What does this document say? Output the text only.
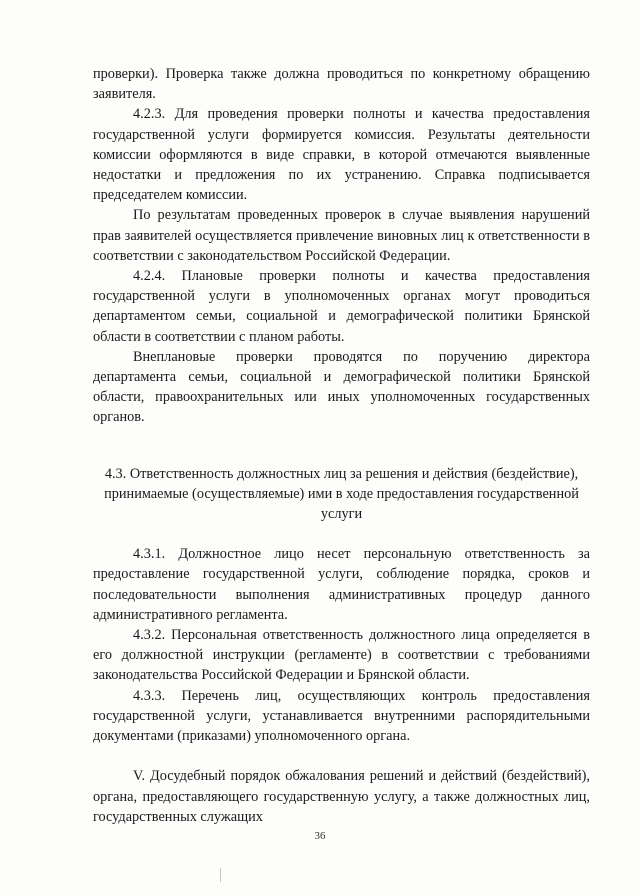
проверки). Проверка также должна проводиться по конкретному обращению заявителя.

4.2.3. Для проведения проверки полноты и качества предоставления государственной услуги формируется комиссия. Результаты деятельности комиссии оформляются в виде справки, в которой отмечаются выявленные недостатки и предложения по их устранению. Справка подписывается председателем комиссии.

По результатам проведенных проверок в случае выявления нарушений прав заявителей осуществляется привлечение виновных лиц к ответственности в соответствии с законодательством Российской Федерации.

4.2.4. Плановые проверки полноты и качества предоставления государственной услуги в уполномоченных органах могут проводиться департаментом семьи, социальной и демографической политики Брянской области в соответствии с планом работы.

Внеплановые проверки проводятся по поручению директора департамента семьи, социальной и демографической политики Брянской области, правоохранительных или иных уполномоченных государственных органов.

4.3. Ответственность должностных лиц за решения и действия (бездействие), принимаемые (осуществляемые) ими в ходе предоставления государственной услуги

4.3.1. Должностное лицо несет персональную ответственность за предоставление государственной услуги, соблюдение порядка, сроков и последовательности выполнения административных процедур данного административного регламента.

4.3.2. Персональная ответственность должностного лица определяется в его должностной инструкции (регламенте) в соответствии с требованиями законодательства Российской Федерации и Брянской области.

4.3.3. Перечень лиц, осуществляющих контроль предоставления государственной услуги, устанавливается внутренними распорядительными документами (приказами) уполномоченного органа.

V. Досудебный порядок обжалования решений и действий (бездействий), органа, предоставляющего государственную услугу, а также должностных лиц, государственных служащих

36
